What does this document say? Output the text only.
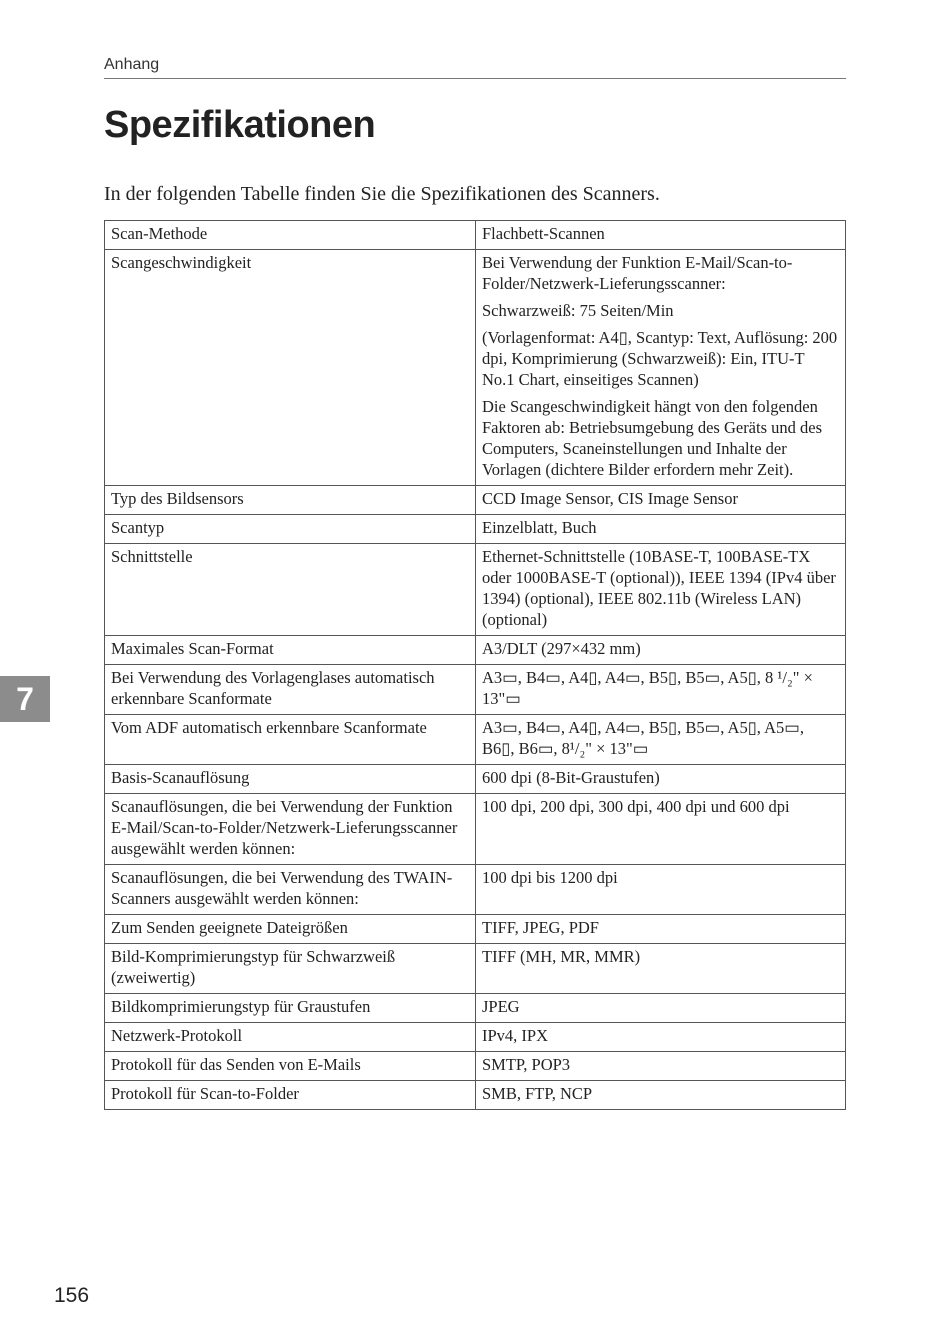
Anhang
Spezifikationen

In der folgenden Tabelle finden Sie die Spezifikationen des Scanners.

Scan-Methode	Flachbett-Scannen

Scangeschwindigkeit	Bei Verwendung der Funktion E-Mail/Scan-to-Folder/Netzwerk-Lieferungsscanner:

Schwarzweiß: 75 Seiten/Min

(Vorlagenformat: A4▯, Scantyp: Text, Auflösung: 200 dpi, Komprimierung (Schwarzweiß): Ein, ITU-T No.1 Chart, einseitiges Scannen)

Die Scangeschwindigkeit hängt von den folgenden Faktoren ab: Betriebsumgebung des Geräts und des Computers, Scaneinstellungen und Inhalte der Vorlagen (dichtere Bilder erfordern mehr Zeit).

Typ des Bildsensors	CCD Image Sensor, CIS Image Sensor

Scantyp	Einzelblatt, Buch

Schnittstelle	Ethernet-Schnittstelle (10BASE-T, 100BASE-TX oder 1000BASE-T (optional)), IEEE 1394 (IPv4 über 1394) (optional), IEEE 802.11b (Wireless LAN) (optional)

Maximales Scan-Format	A3/DLT (297×432 mm)

Bei Verwendung des Vorlagenglases automatisch erkennbare Scanformate	A3▭, B4▭, A4▯, A4▭, B5▯, B5▭, A5▯, 8 ¹/₂" × 13"▭

Vom ADF automatisch erkennbare Scanformate	A3▭, B4▭, A4▯, A4▭, B5▯, B5▭, A5▯, A5▭, B6▯, B6▭, 8¹/₂" × 13"▭

Basis-Scanauflösung	600 dpi (8-Bit-Graustufen)

Scanauflösungen, die bei Verwendung der Funktion E-Mail/Scan-to-Folder/Netzwerk-Lieferungsscanner ausgewählt werden können:	100 dpi, 200 dpi, 300 dpi, 400 dpi und 600 dpi

Scanauflösungen, die bei Verwendung des TWAIN-Scanners ausgewählt werden können:	100 dpi bis 1200 dpi

Zum Senden geeignete Dateigrößen	TIFF, JPEG, PDF

Bild-Komprimierungstyp für Schwarzweiß (zweiwertig)	TIFF (MH, MR, MMR)

Bildkomprimierungstyp für Graustufen	JPEG

Netzwerk-Protokoll	IPv4, IPX

Protokoll für das Senden von E-Mails	SMTP, POP3

Protokoll für Scan-to-Folder	SMB, FTP, NCP

7
156
